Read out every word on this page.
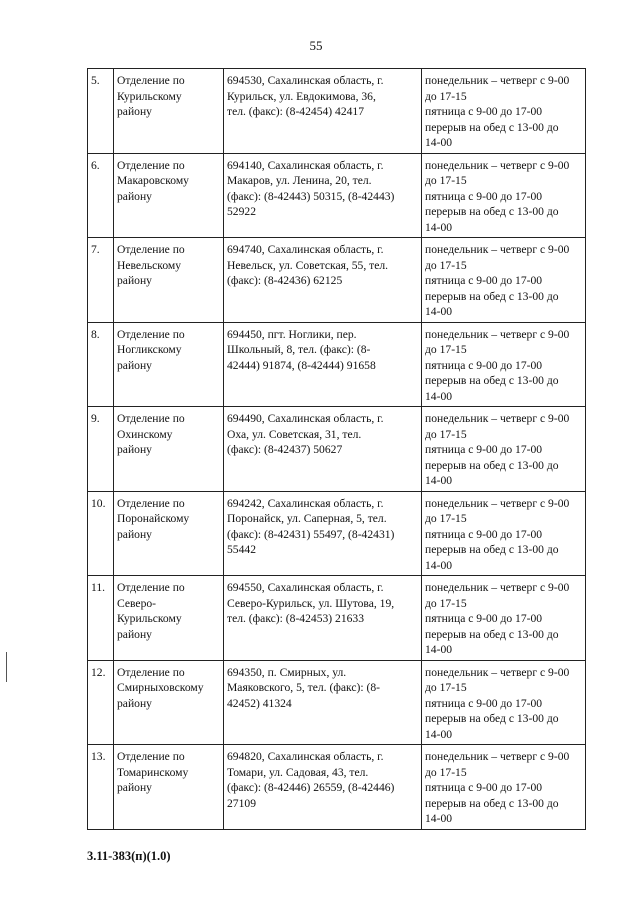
55
5.	Отделение по
Курильскому
району	694530, Сахалинская область, г.
Курильск, ул. Евдокимова, 36,
тел. (факс): (8-42454) 42417	понедельник – четверг с 9-00
до 17-15
пятница с 9-00 до 17-00
перерыв на обед с 13-00 до
14-00

6.	Отделение по
Макаровскому
району	694140, Сахалинская область, г.
Макаров, ул. Ленина, 20, тел.
(факс): (8-42443) 50315, (8-42443)
52922	понедельник – четверг с 9-00
до 17-15
пятница с 9-00 до 17-00
перерыв на обед с 13-00 до
14-00

7.	Отделение по
Невельскому
району	694740, Сахалинская область, г.
Невельск, ул. Советская, 55, тел.
(факс): (8-42436) 62125	понедельник – четверг с 9-00
до 17-15
пятница с 9-00 до 17-00
перерыв на обед с 13-00 до
14-00

8.	Отделение по
Ногликскому
району	694450, пгт. Ноглики, пер.
Школьный, 8, тел. (факс): (8-
42444) 91874, (8-42444) 91658	понедельник – четверг с 9-00
до 17-15
пятница с 9-00 до 17-00
перерыв на обед с 13-00 до
14-00

9.	Отделение по
Охинскому
району	694490, Сахалинская область, г.
Оха, ул. Советская, 31, тел.
(факс): (8-42437) 50627	понедельник – четверг с 9-00
до 17-15
пятница с 9-00 до 17-00
перерыв на обед с 13-00 до
14-00

10.	Отделение по
Поронайскому
району	694242, Сахалинская область, г.
Поронайск, ул. Саперная, 5, тел.
(факс): (8-42431) 55497, (8-42431)
55442	понедельник – четверг с 9-00
до 17-15
пятница с 9-00 до 17-00
перерыв на обед с 13-00 до
14-00

11.	Отделение по
Северо-
Курильскому
району	694550, Сахалинская область, г.
Северо-Курильск, ул. Шутова, 19,
тел. (факс): (8-42453) 21633	понедельник – четверг с 9-00
до 17-15
пятница с 9-00 до 17-00
перерыв на обед с 13-00 до
14-00

12.	Отделение по
Смирныховскому
району	694350, п. Смирных, ул.
Маяковского, 5, тел. (факс): (8-
42452) 41324	понедельник – четверг с 9-00
до 17-15
пятница с 9-00 до 17-00
перерыв на обед с 13-00 до
14-00

13.	Отделение по
Томаринскому
району	694820, Сахалинская область, г.
Томари, ул. Садовая, 43, тел.
(факс): (8-42446) 26559, (8-42446)
27109	понедельник – четверг с 9-00
до 17-15
пятница с 9-00 до 17-00
перерыв на обед с 13-00 до
14-00
3.11-383(п)(1.0)
